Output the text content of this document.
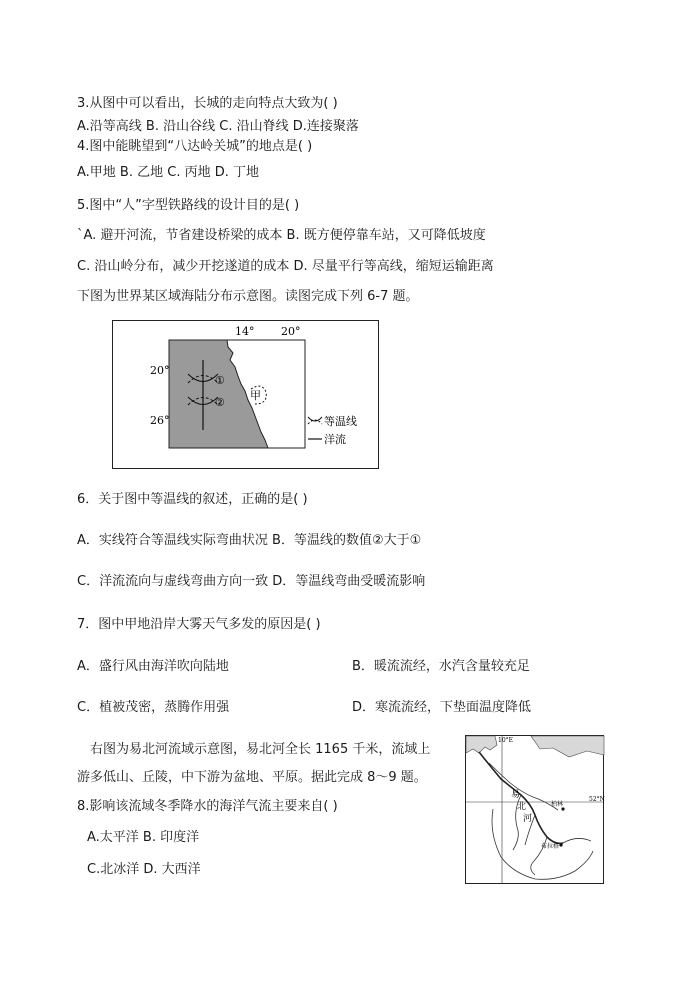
3.从图中可以看出，长城的走向特点大致为( )
A.沿等高线 B. 沿山谷线 C. 沿山脊线 D.连接聚落
4.图中能眺望到“八达岭关城”的地点是( )
A.甲地 B. 乙地 C. 丙地 D. 丁地
5.图中“人”字型铁路线的设计目的是( )
`A. 避开河流，节省建设桥梁的成本 B. 既方便停靠车站，又可降低坡度
C. 沿山岭分布，减少开挖遂道的成本 D. 尽量平行等高线，缩短运输距离
下图为世界某区域海陆分布示意图。读图完成下列 6-7 题。
14° 20°
20°
26°
①
②
甲
等温线
洋流
6．关于图中等温线的叙述，正确的是( )
A．实线符合等温线实际弯曲状况 B．等温线的数值②大于①
C．洋流流向与虚线弯曲方向一致 D．等温线弯曲受暖流影响
7．图中甲地沿岸大雾天气多发的原因是( )
A．盛行风由海洋吹向陆地	B．暖流流经，水汽含量较充足
C．植被茂密，蒸腾作用强	D．寒流流经，下垫面温度降低
右图为易北河流域示意图，易北河全长 1165 千米，流域上
游多低山、丘陵，中下游为盆地、平原。据此完成 8～9 题。
10°E
52°N
易
北
河
柏林
布拉格
8.影响该流域冬季降水的海洋气流主要来自( )
A.太平洋 B. 印度洋
C.北冰洋 D. 大西洋
